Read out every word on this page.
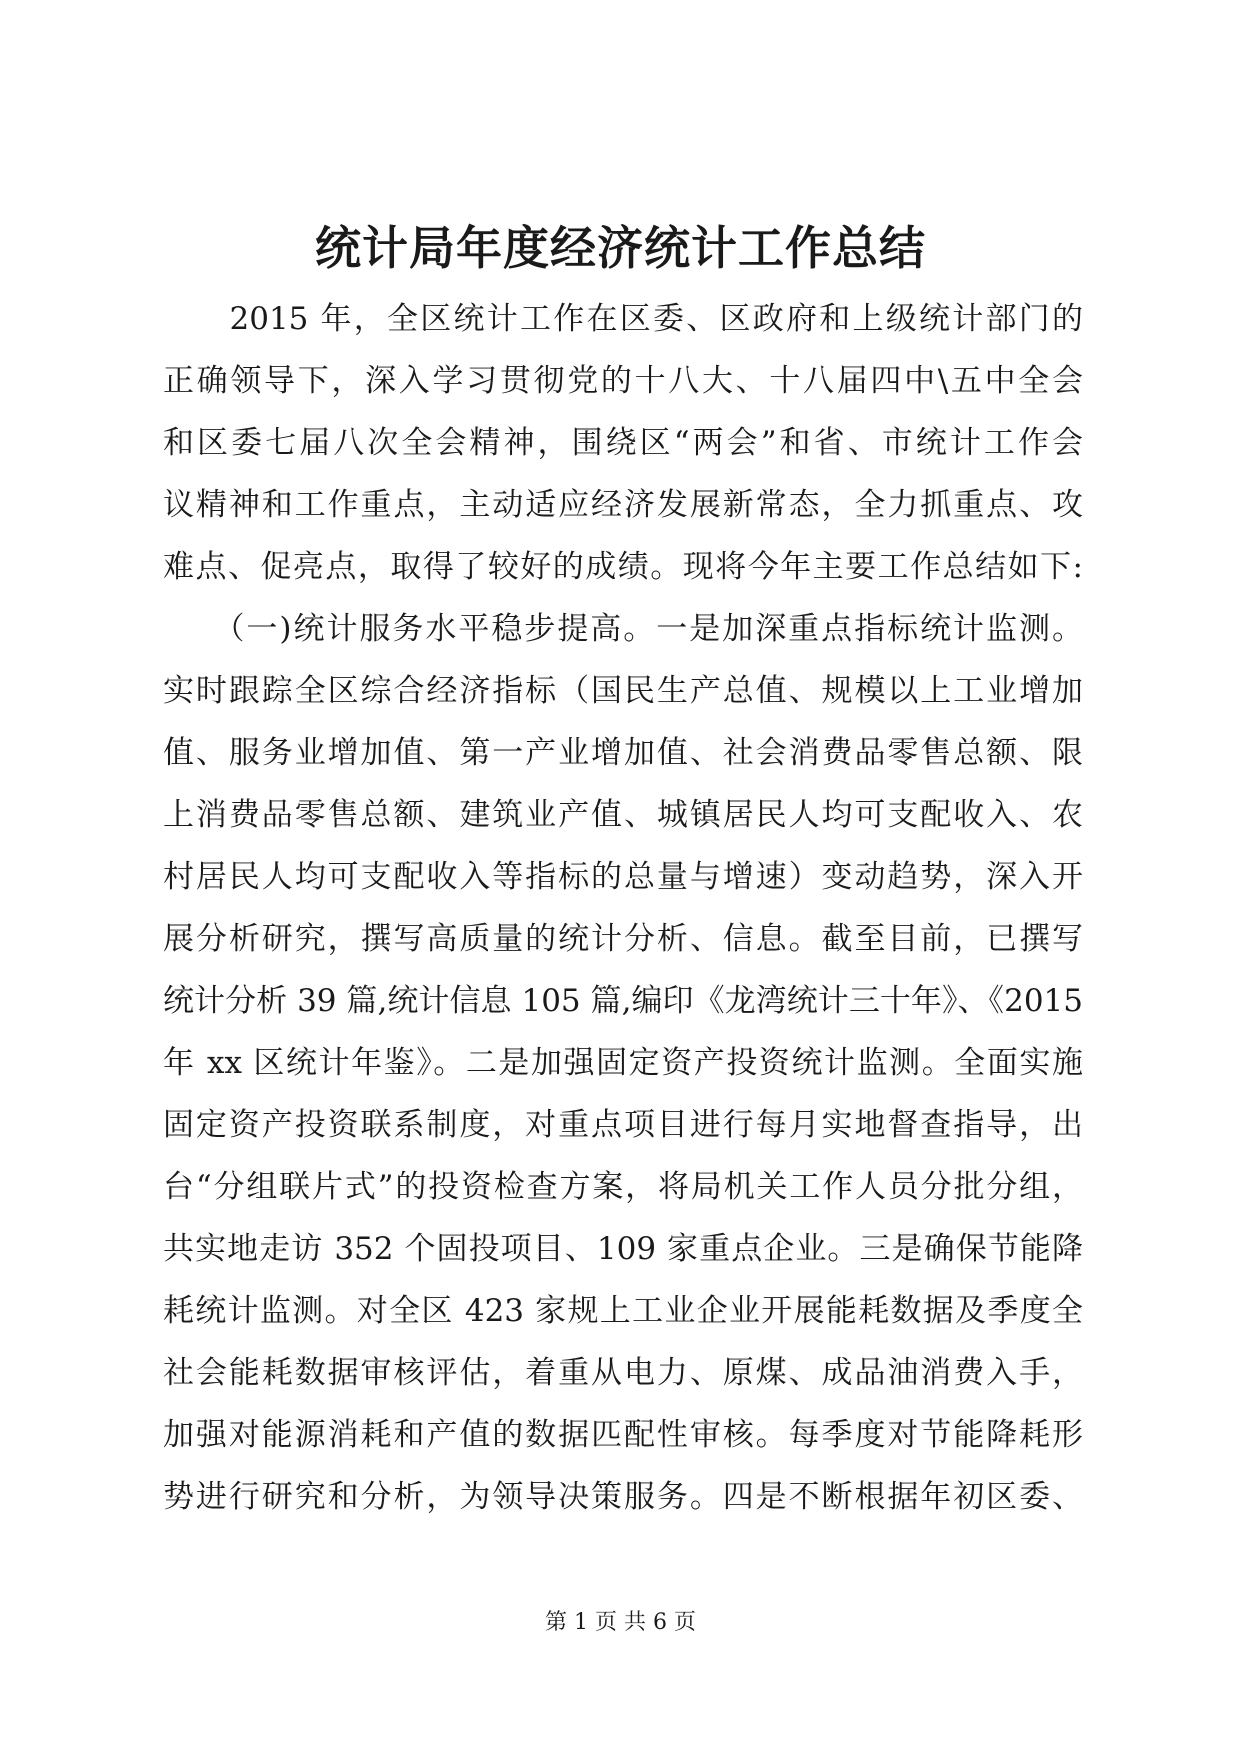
统计局年度经济统计工作总结
　　2015 年，全区统计工作在区委、区政府和上级统计部门的
正确领导下，深入学习贯彻党的十八大、十八届四中\五中全会
和区委七届八次全会精神，围绕区“两会”和省、市统计工作会
议精神和工作重点，主动适应经济发展新常态，全力抓重点、攻
难点、促亮点，取得了较好的成绩。现将今年主要工作总结如下:
　　（一)统计服务水平稳步提高。一是加深重点指标统计监测。
实时跟踪全区综合经济指标（国民生产总值、规模以上工业增加
值、服务业增加值、第一产业增加值、社会消费品零售总额、限
上消费品零售总额、建筑业产值、城镇居民人均可支配收入、农
村居民人均可支配收入等指标的总量与增速）变动趋势，深入开
展分析研究，撰写高质量的统计分析、信息。截至目前，已撰写
统计分析 39 篇,统计信息 105 篇,编印《龙湾统计三十年》、《2015
年 xx 区统计年鉴》。二是加强固定资产投资统计监测。全面实施
固定资产投资联系制度，对重点项目进行每月实地督查指导，出
台“分组联片式”的投资检查方案，将局机关工作人员分批分组，
共实地走访 352 个固投项目、109 家重点企业。三是确保节能降
耗统计监测。对全区 423 家规上工业企业开展能耗数据及季度全
社会能耗数据审核评估，着重从电力、原煤、成品油消费入手，
加强对能源消耗和产值的数据匹配性审核。每季度对节能降耗形
势进行研究和分析，为领导决策服务。四是不断根据年初区委、
第 1 页 共 6 页
